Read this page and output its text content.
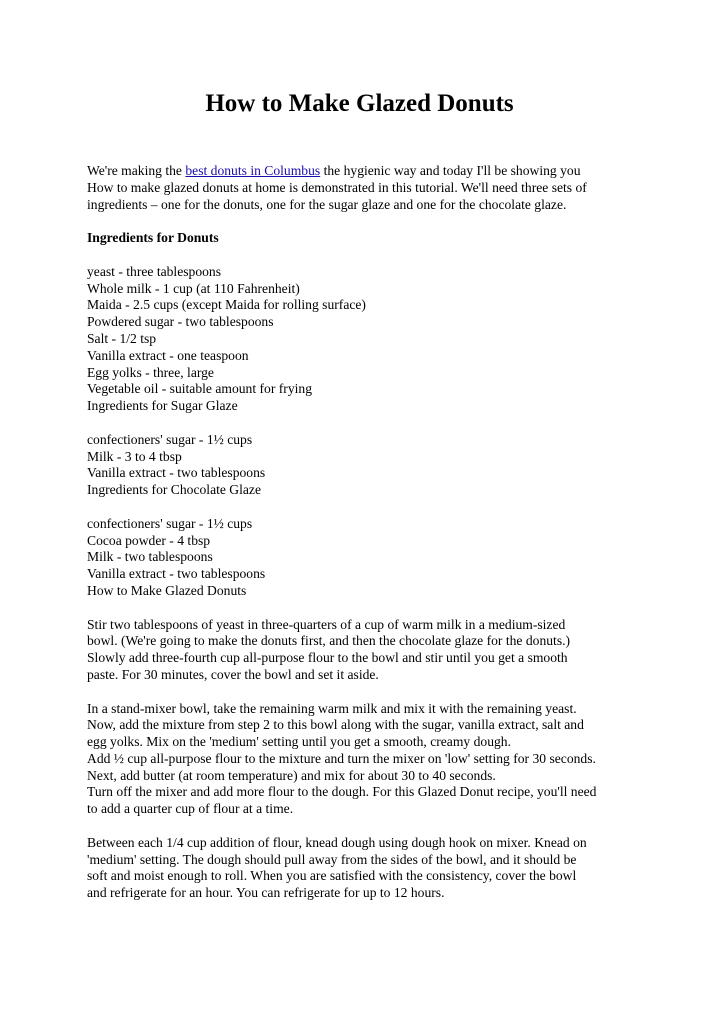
How to Make Glazed Donuts

We're making the best donuts in Columbus the hygienic way and today I'll be showing you

How to make glazed donuts at home is demonstrated in this tutorial. We'll need three sets of

ingredients – one for the donuts, one for the sugar glaze and one for the chocolate glaze.

Ingredients for Donuts

yeast - three tablespoons

Whole milk - 1 cup (at 110 Fahrenheit)

Maida - 2.5 cups (except Maida for rolling surface)

Powdered sugar - two tablespoons

Salt - 1/2 tsp

Vanilla extract - one teaspoon

Egg yolks - three, large

Vegetable oil - suitable amount for frying

Ingredients for Sugar Glaze

confectioners' sugar - 1½ cups

Milk - 3 to 4 tbsp

Vanilla extract - two tablespoons

Ingredients for Chocolate Glaze

confectioners' sugar - 1½ cups

Cocoa powder - 4 tbsp

Milk - two tablespoons

Vanilla extract - two tablespoons

How to Make Glazed Donuts

Stir two tablespoons of yeast in three-quarters of a cup of warm milk in a medium-sized

bowl. (We're going to make the donuts first, and then the chocolate glaze for the donuts.)

Slowly add three-fourth cup all-purpose flour to the bowl and stir until you get a smooth

paste. For 30 minutes, cover the bowl and set it aside.

In a stand-mixer bowl, take the remaining warm milk and mix it with the remaining yeast.

Now, add the mixture from step 2 to this bowl along with the sugar, vanilla extract, salt and

egg yolks. Mix on the 'medium' setting until you get a smooth, creamy dough.

Add ½ cup all-purpose flour to the mixture and turn the mixer on 'low' setting for 30 seconds.

Next, add butter (at room temperature) and mix for about 30 to 40 seconds.

Turn off the mixer and add more flour to the dough. For this Glazed Donut recipe, you'll need

to add a quarter cup of flour at a time.

Between each 1/4 cup addition of flour, knead dough using dough hook on mixer. Knead on

'medium' setting. The dough should pull away from the sides of the bowl, and it should be

soft and moist enough to roll. When you are satisfied with the consistency, cover the bowl

and refrigerate for an hour. You can refrigerate for up to 12 hours.
